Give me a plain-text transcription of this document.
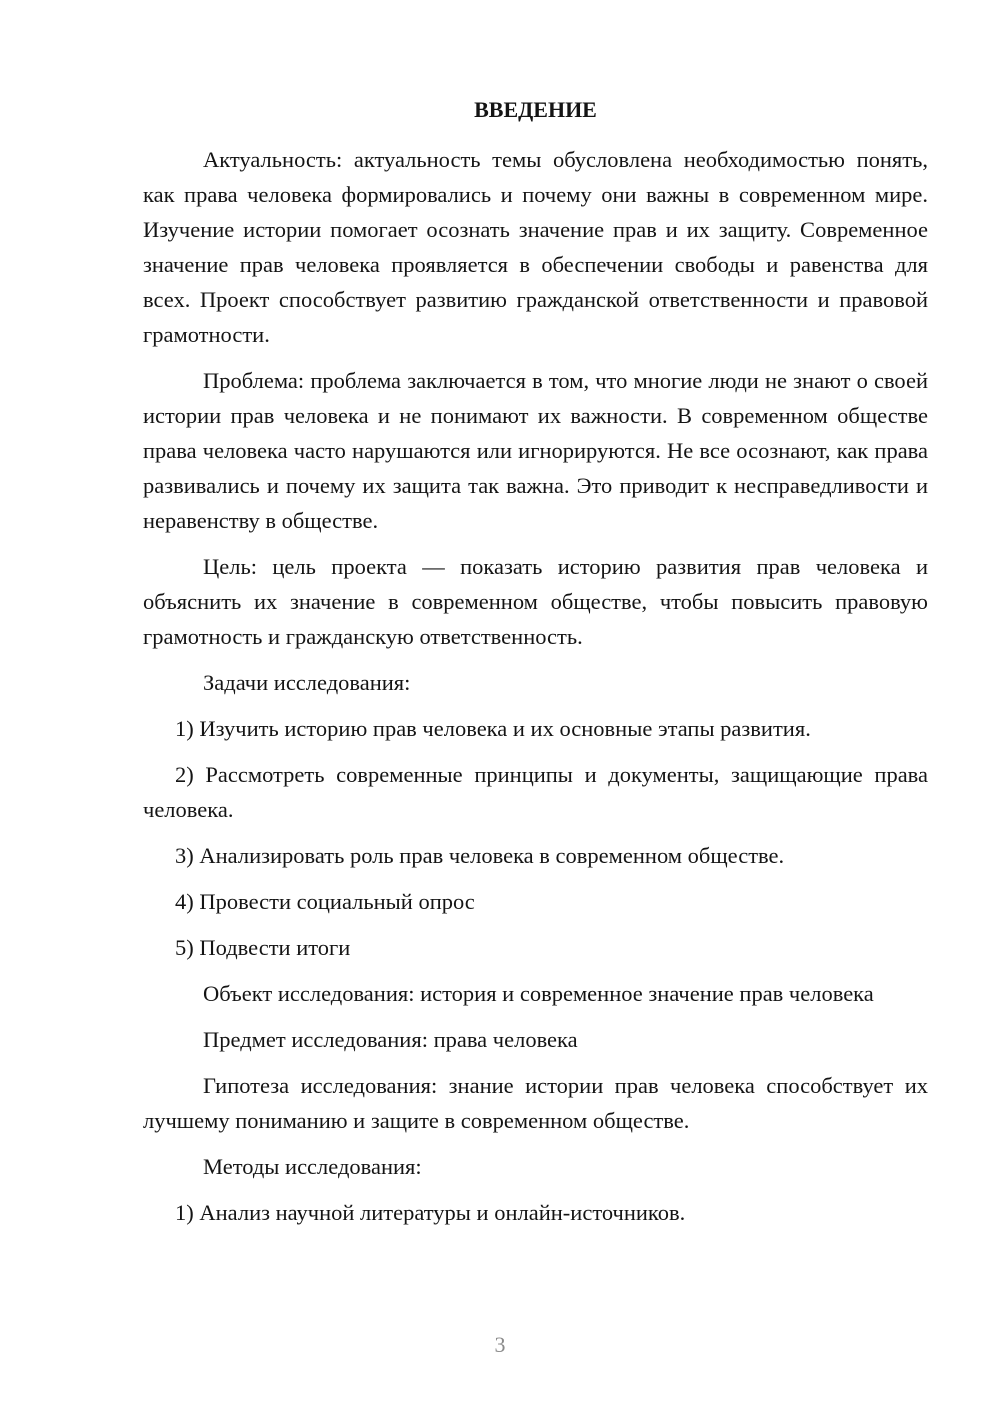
ВВЕДЕНИЕ

Актуальность: актуальность темы обусловлена необходимостью понять, как права человека формировались и почему они важны в современном мире. Изучение истории помогает осознать значение прав и их защиту. Современное значение прав человека проявляется в обеспечении свободы и равенства для всех. Проект способствует развитию гражданской ответственности и правовой грамотности.

Проблема: проблема заключается в том, что многие люди не знают о своей истории прав человека и не понимают их важности. В современном обществе права человека часто нарушаются или игнорируются. Не все осознают, как права развивались и почему их защита так важна. Это приводит к несправедливости и неравенству в обществе.

Цель: цель проекта — показать историю развития прав человека и объяснить их значение в современном обществе, чтобы повысить правовую грамотность и гражданскую ответственность.

Задачи исследования:

1) Изучить историю прав человека и их основные этапы развития.

2) Рассмотреть современные принципы и документы, защищающие права человека.

3) Анализировать роль прав человека в современном обществе.

4) Провести социальный опрос

5) Подвести итоги

Объект исследования: история и современное значение прав человека

Предмет исследования: права человека

Гипотеза исследования: знание истории прав человека способствует их лучшему пониманию и защите в современном обществе.

Методы исследования:

1) Анализ научной литературы и онлайн-источников.

3
